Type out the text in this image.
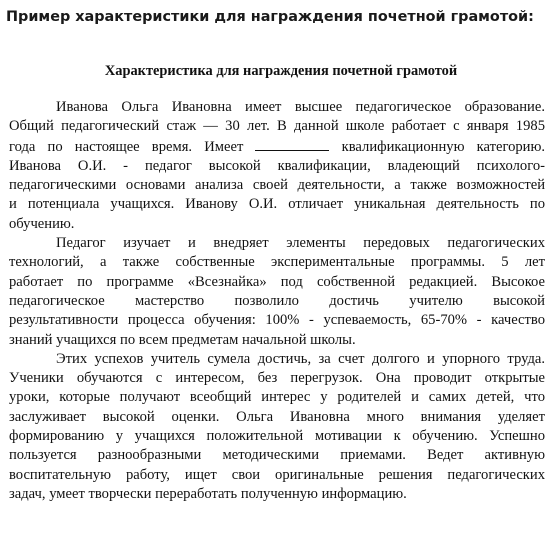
Пример характеристики для награждения почетной грамотой:
Характеристика для награждения почетной грамотой
Иванова Ольга Ивановна имеет высшее педагогическое образование.
Общий педагогический стаж — 30 лет. В данной школе работает с января 1985
года по настоящее время. Имеет	квалификационную категорию.
Иванова О.И. - педагог высокой квалификации, владеющий психолого-
педагогическими основами анализа своей деятельности, а также возможностей
и потенциала учащихся. Иванову О.И. отличает уникальная деятельность по
обучению.
Педагог изучает и внедряет элементы передовых педагогических
технологий, а также собственные экспериментальные программы. 5 лет
работает по программе «Всезнайка» под собственной редакцией. Высокое
педагогическое мастерство позволило достичь учителю высокой
результативности процесса обучения: 100% - успеваемость, 65-70% - качество
знаний учащихся по всем предметам начальной школы.
Этих успехов учитель сумела достичь, за счет долгого и упорного труда.
Ученики обучаются с интересом, без перегрузок. Она проводит открытые
уроки, которые получают всеобщий интерес у родителей и самих детей, что
заслуживает высокой оценки. Ольга Ивановна много внимания уделяет
формированию у учащихся положительной мотивации к обучению. Успешно
пользуется разнообразными методическими приемами. Ведет активную
воспитательную работу, ищет свои оригинальные решения педагогических
задач, умеет творчески переработать полученную информацию.
